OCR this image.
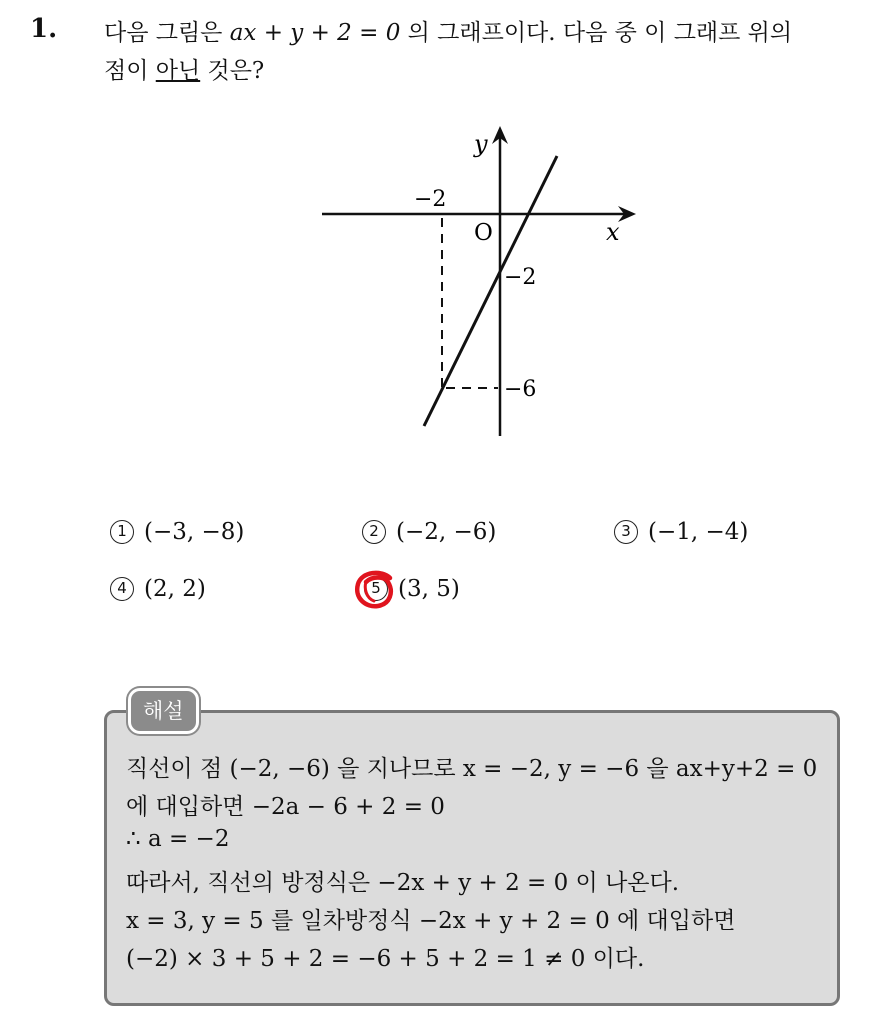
1. 다음 그림은 ax + y + 2 = 0 의 그래프이다. 다음 중 이 그래프 위의
점이 아닌 것은?
y
x
O
−2
−2
−6
1 (−3, −8)	2 (−2, −6)	3 (−1, −4)
4 (2, 2)	5 (3, 5)
해설
직선이 점 (−2, −6) 을 지나므로 x = −2, y = −6 을 ax+y+2 = 0
에 대입하면 −2a − 6 + 2 = 0
∴ a = −2
따라서, 직선의 방정식은 −2x + y + 2 = 0 이 나온다.
x = 3, y = 5 를 일차방정식 −2x + y + 2 = 0 에 대입하면
(−2) × 3 + 5 + 2 = −6 + 5 + 2 = 1 ≠ 0 이다.
